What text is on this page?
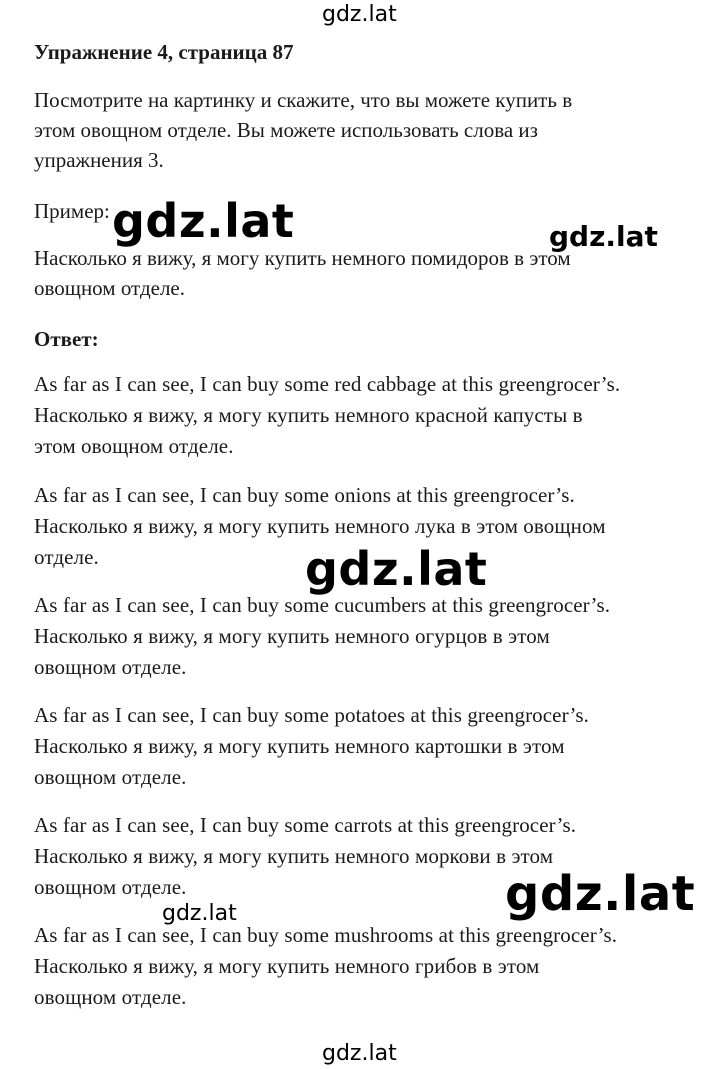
gdz.lat
Упражнение 4, страница 87

Посмотрите на картинку и скажите, что вы можете купить в
этом овощном отделе. Вы можете использовать слова из
упражнения 3.

Пример:

Насколько я вижу, я могу купить немного помидоров в этом
овощном отделе.

Ответ:

As far as I can see, I can buy some red cabbage at this greengrocer’s.
Насколько я вижу, я могу купить немного красной капусты в
этом овощном отделе.
As far as I can see, I can buy some onions at this greengrocer’s.
Насколько я вижу, я могу купить немного лука в этом овощном
отделе.
As far as I can see, I can buy some cucumbers at this greengrocer’s.
Насколько я вижу, я могу купить немного огурцов в этом
овощном отделе.
As far as I can see, I can buy some potatoes at this greengrocer’s.
Насколько я вижу, я могу купить немного картошки в этом
овощном отделе.
As far as I can see, I can buy some carrots at this greengrocer’s.
Насколько я вижу, я могу купить немного моркови в этом
овощном отделе.
As far as I can see, I can buy some mushrooms at this greengrocer’s.
Насколько я вижу, я могу купить немного грибов в этом
овощном отделе.
gdz.lat	gdz.lat
gdz.lat
gdz.lat
gdz.lat
gdz.lat
